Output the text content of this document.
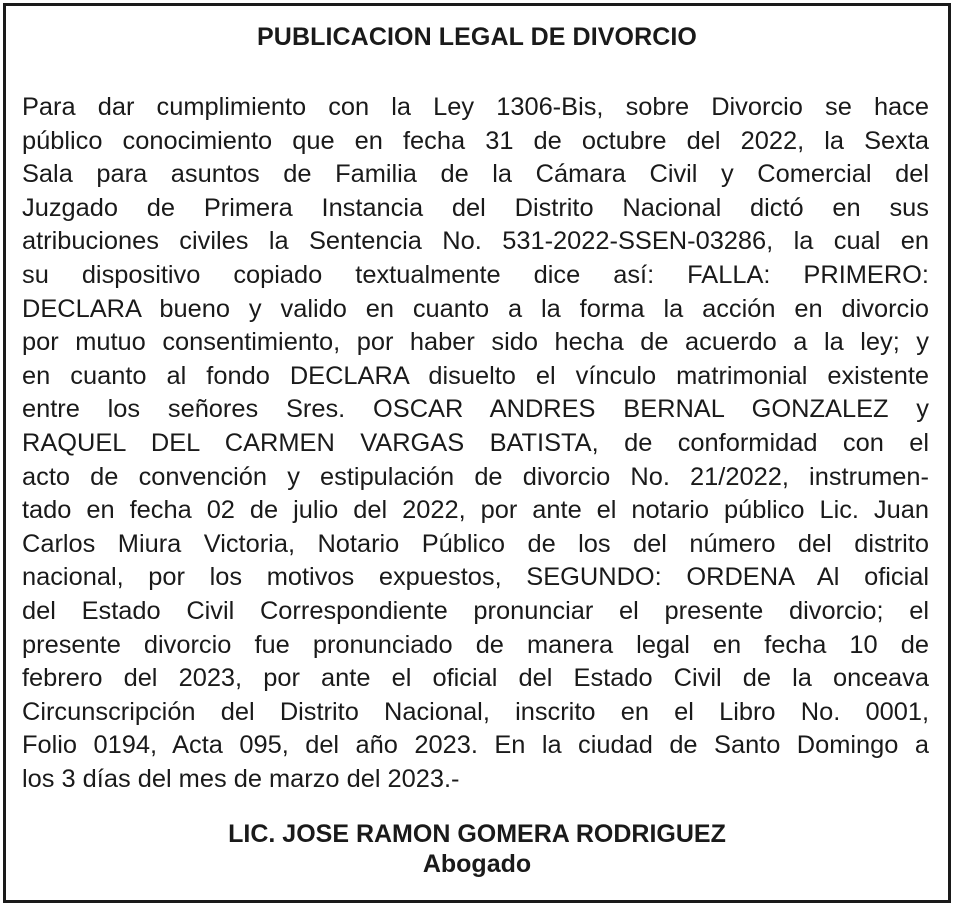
PUBLICACION LEGAL DE DIVORCIO

Para dar cumplimiento con la Ley 1306-Bis, sobre Divorcio se hace
público conocimiento que en fecha 31 de octubre del 2022, la Sexta
Sala para asuntos de Familia de la Cámara Civil y Comercial del
Juzgado de Primera Instancia del Distrito Nacional dictó en sus
atribuciones civiles la Sentencia No. 531-2022-SSEN-03286, la cual en
su dispositivo copiado textualmente dice así: FALLA: PRIMERO:
DECLARA bueno y valido en cuanto a la forma la acción en divorcio
por mutuo consentimiento, por haber sido hecha de acuerdo a la ley; y
en cuanto al fondo DECLARA disuelto el vínculo matrimonial existente
entre los señores Sres. OSCAR ANDRES BERNAL GONZALEZ y
RAQUEL DEL CARMEN VARGAS BATISTA, de conformidad con el
acto de convención y estipulación de divorcio No. 21/2022, instrumen-
tado en fecha 02 de julio del 2022, por ante el notario público Lic. Juan
Carlos Miura Victoria, Notario Público de los del número del distrito
nacional, por los motivos expuestos, SEGUNDO: ORDENA Al oficial
del Estado Civil Correspondiente pronunciar el presente divorcio; el
presente divorcio fue pronunciado de manera legal en fecha 10 de
febrero del 2023, por ante el oficial del Estado Civil de la onceava
Circunscripción del Distrito Nacional, inscrito en el Libro No. 0001,
Folio 0194, Acta 095, del año 2023. En la ciudad de Santo Domingo a
los 3 días del mes de marzo del 2023.-

LIC. JOSE RAMON GOMERA RODRIGUEZ
Abogado
